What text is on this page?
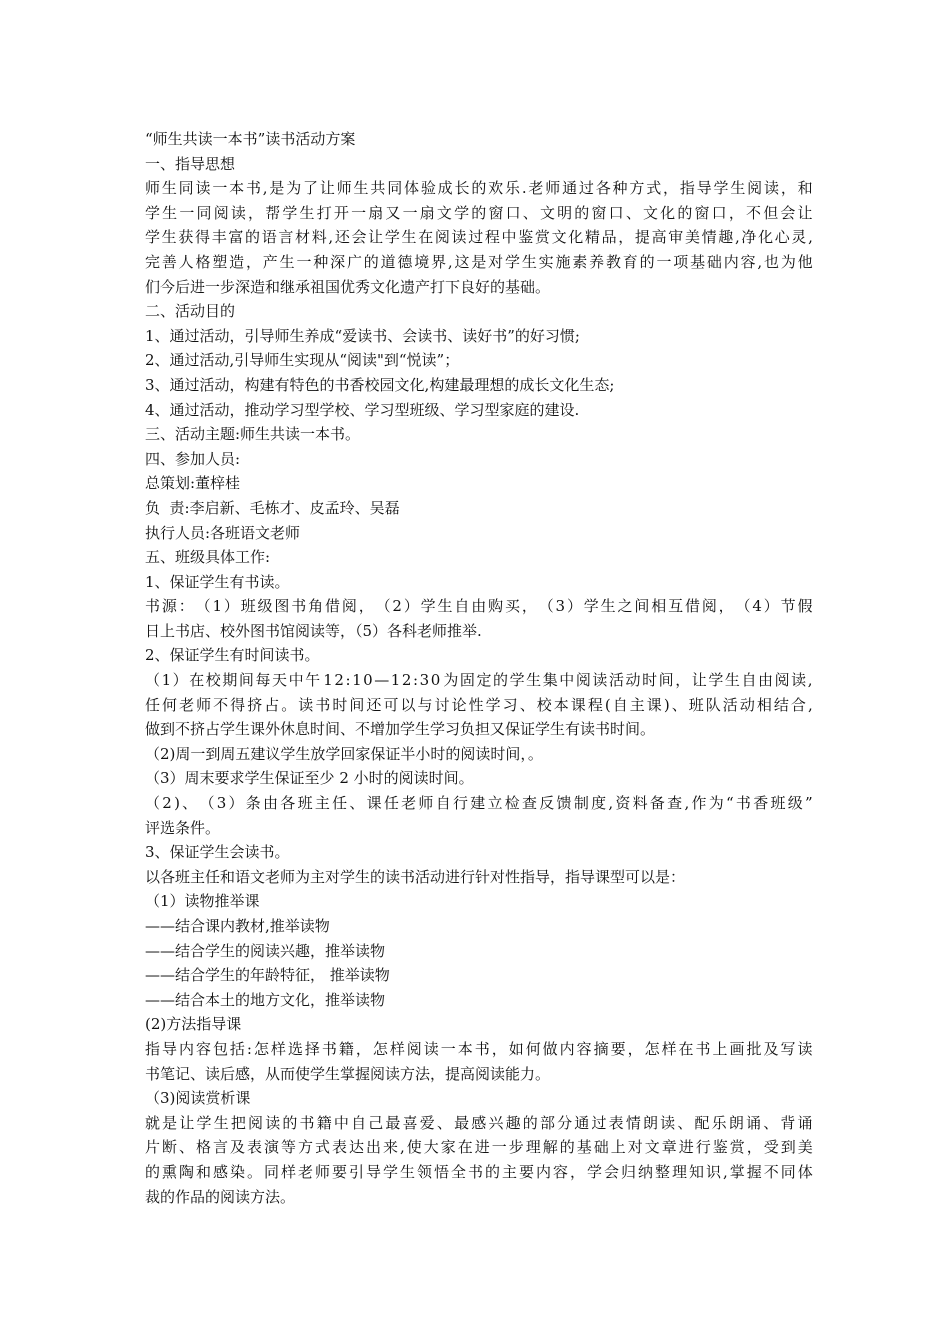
“师生共读一本书”读书活动方案
一、指导思想
师 生 同 读 一 本 书 , 是 为 了 让 师 生 共 同 体 验 成 长 的 欢 乐 . 老 师 通 过 各 种 方 式 ， 指 导 学 生 阅 读 ， 和
学 生 一 同 阅 读 ， 帮 学 生 打 开 一 扇 又 一 扇 文 学 的 窗 口 、 文 明 的 窗 口 、 文 化 的 窗 口 ， 不 但 会 让
学 生 获 得 丰 富 的 语 言 材 料 , 还 会 让 学 生 在 阅 读 过 程 中 鉴 赏 文 化 精 品 ， 提 高 审 美 情 趣 , 净 化 心 灵 ,
完 善 人 格 塑 造 ， 产 生 一 种 深 广 的 道 德 境 界 , 这 是 对 学 生 实 施 素 养 教 育 的 一 项 基 础 内 容 , 也 为 他
们今后进一步深造和继承祖国优秀文化遗产打下良好的基础。
二、活动目的
1、通过活动，引导师生养成“爱读书、会读书、读好书”的好习惯;
2、通过活动,引导师生实现从“阅读"到“悦读”；
3、通过活动，构建有特色的书香校园文化,构建最理想的成长文化生态;
4、通过活动，推动学习型学校、学习型班级、学习型家庭的建设.
三、活动主题:师生共读一本书。
四、参加人员:
总策划:董梓桂
负  责:李启新、毛栋才、皮孟玲、吴磊
执行人员:各班语文老师
五、班级具体工作:
1、保证学生有书读。
书 源 ： （ 1 ） 班 级 图 书 角 借 阅 ， （ 2 ） 学 生 自 由 购 买 ， （ 3 ） 学 生 之 间 相 互 借 阅 ， （ 4 ） 节 假
日上书店、校外图书馆阅读等，（5）各科老师推举.
2、保证学生有时间读书。
（ 1 ） 在 校 期 间 每 天 中 午 1 2 : 1 0 — 1 2 : 3 0 为 固 定 的 学 生 集 中 阅 读 活 动 时 间 ， 让 学 生 自 由 阅 读 ,
任 何 老 师 不 得 挤 占 。 读 书 时 间 还 可 以 与 讨 论 性 学 习 、 校 本 课 程 ( 自 主 课 ) 、 班 队 活 动 相 结 合 ,
做到不挤占学生课外休息时间、不增加学生学习负担又保证学生有读书时间。
（2)周一到周五建议学生放学回家保证半小时的阅读时间，。
（3）周末要求学生保证至少 2 小时的阅读时间。
（ 2 ) 、 （ 3 ） 条 由 各 班 主 任 、 课 任 老 师 自 行 建 立 检 查 反 馈 制 度 , 资 料 备 查 , 作 为 “ 书 香 班 级 ”
评选条件。
3、保证学生会读书。
以各班主任和语文老师为主对学生的读书活动进行针对性指导，指导课型可以是：
（1）读物推举课
——结合课内教材,推举读物
——结合学生的阅读兴趣，推举读物
——结合学生的年龄特征， 推举读物
——结合本土的地方文化，推举读物
(2)方法指导课
指 导 内 容 包 括 : 怎 样 选 择 书 籍 ， 怎 样 阅 读 一 本 书 ， 如 何 做 内 容 摘 要 ， 怎 样 在 书 上 画 批 及 写 读
书笔记、读后感，从而使学生掌握阅读方法，提高阅读能力。
（3)阅读赏析课
就 是 让 学 生 把 阅 读 的 书 籍 中 自 己 最 喜 爱 、 最 感 兴 趣 的 部 分 通 过 表 情 朗 读 、 配 乐 朗 诵 、 背 诵
片 断 、 格 言 及 表 演 等 方 式 表 达 出 来 , 使 大 家 在 进 一 步 理 解 的 基 础 上 对 文 章 进 行 鉴 赏 ， 受 到 美
的 熏 陶 和 感 染 。 同 样 老 师 要 引 导 学 生 领 悟 全 书 的 主 要 内 容 ， 学 会 归 纳 整 理 知 识 , 掌 握 不 同 体
裁的作品的阅读方法。
